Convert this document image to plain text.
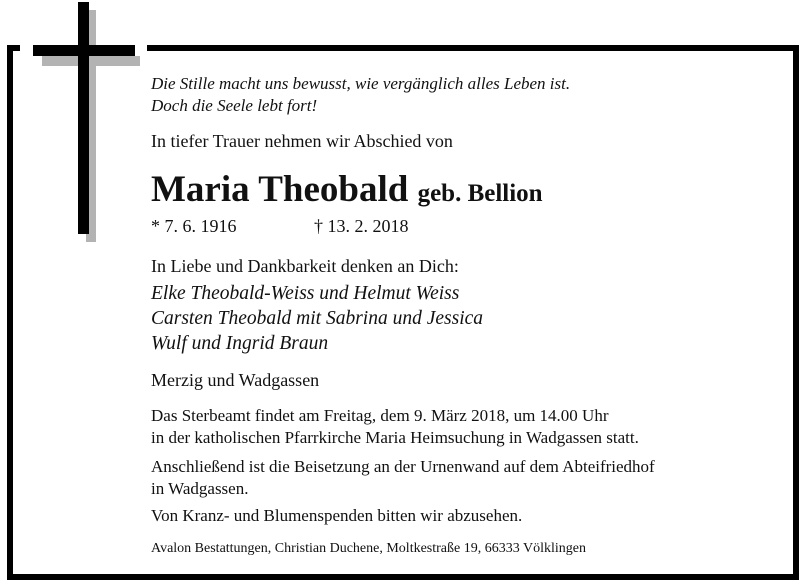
Die Stille macht uns bewusst, wie vergänglich alles Leben ist.
Doch die Seele lebt fort!

In tiefer Trauer nehmen wir Abschied von

Maria Theobald geb. Bellion

* 7. 6. 1916	† 13. 2. 2018

In Liebe und Dankbarkeit denken an Dich:

Elke Theobald-Weiss und Helmut Weiss
Carsten Theobald mit Sabrina und Jessica
Wulf und Ingrid Braun

Merzig und Wadgassen

Das Sterbeamt findet am Freitag, dem 9. März 2018, um 14.00 Uhr
in der katholischen Pfarrkirche Maria Heimsuchung in Wadgassen statt.
Anschließend ist die Beisetzung an der Urnenwand auf dem Abteifriedhof
in Wadgassen.
Von Kranz- und Blumenspenden bitten wir abzusehen.

Avalon Bestattungen, Christian Duchene, Moltkestraße 19, 66333 Völklingen
